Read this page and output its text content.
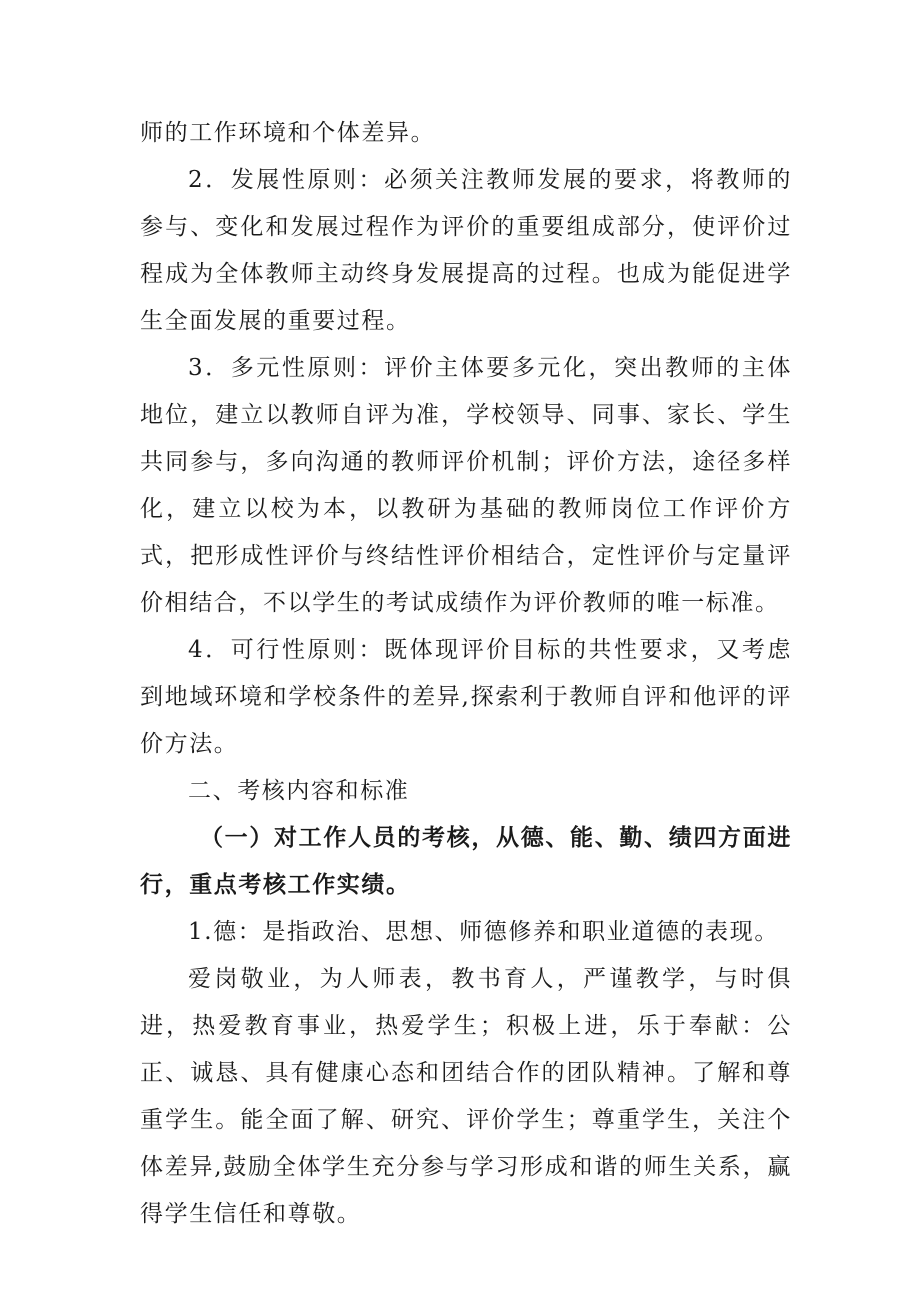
师的工作环境和个体差异。

2．发展性原则：必须关注教师发展的要求，将教师的参与、变化和发展过程作为评价的重要组成部分，使评价过程成为全体教师主动终身发展提高的过程。也成为能促进学生全面发展的重要过程。

3．多元性原则：评价主体要多元化，突出教师的主体地位，建立以教师自评为准，学校领导、同事、家长、学生共同参与，多向沟通的教师评价机制；评价方法，途径多样化，建立以校为本，以教研为基础的教师岗位工作评价方式，把形成性评价与终结性评价相结合，定性评价与定量评价相结合，不以学生的考试成绩作为评价教师的唯一标准。

4．可行性原则：既体现评价目标的共性要求，又考虑到地域环境和学校条件的差异,探索利于教师自评和他评的评价方法。

二、考核内容和标准

（一）对工作人员的考核，从德、能、勤、绩四方面进行，重点考核工作实绩。

1.德：是指政治、思想、师德修养和职业道德的表现。

爱岗敬业，为人师表，教书育人，严谨教学，与时俱进，热爱教育事业，热爱学生；积极上进，乐于奉献：公正、诚恳、具有健康心态和团结合作的团队精神。了解和尊重学生。能全面了解、研究、评价学生；尊重学生，关注个体差异,鼓励全体学生充分参与学习形成和谐的师生关系，赢得学生信任和尊敬。
